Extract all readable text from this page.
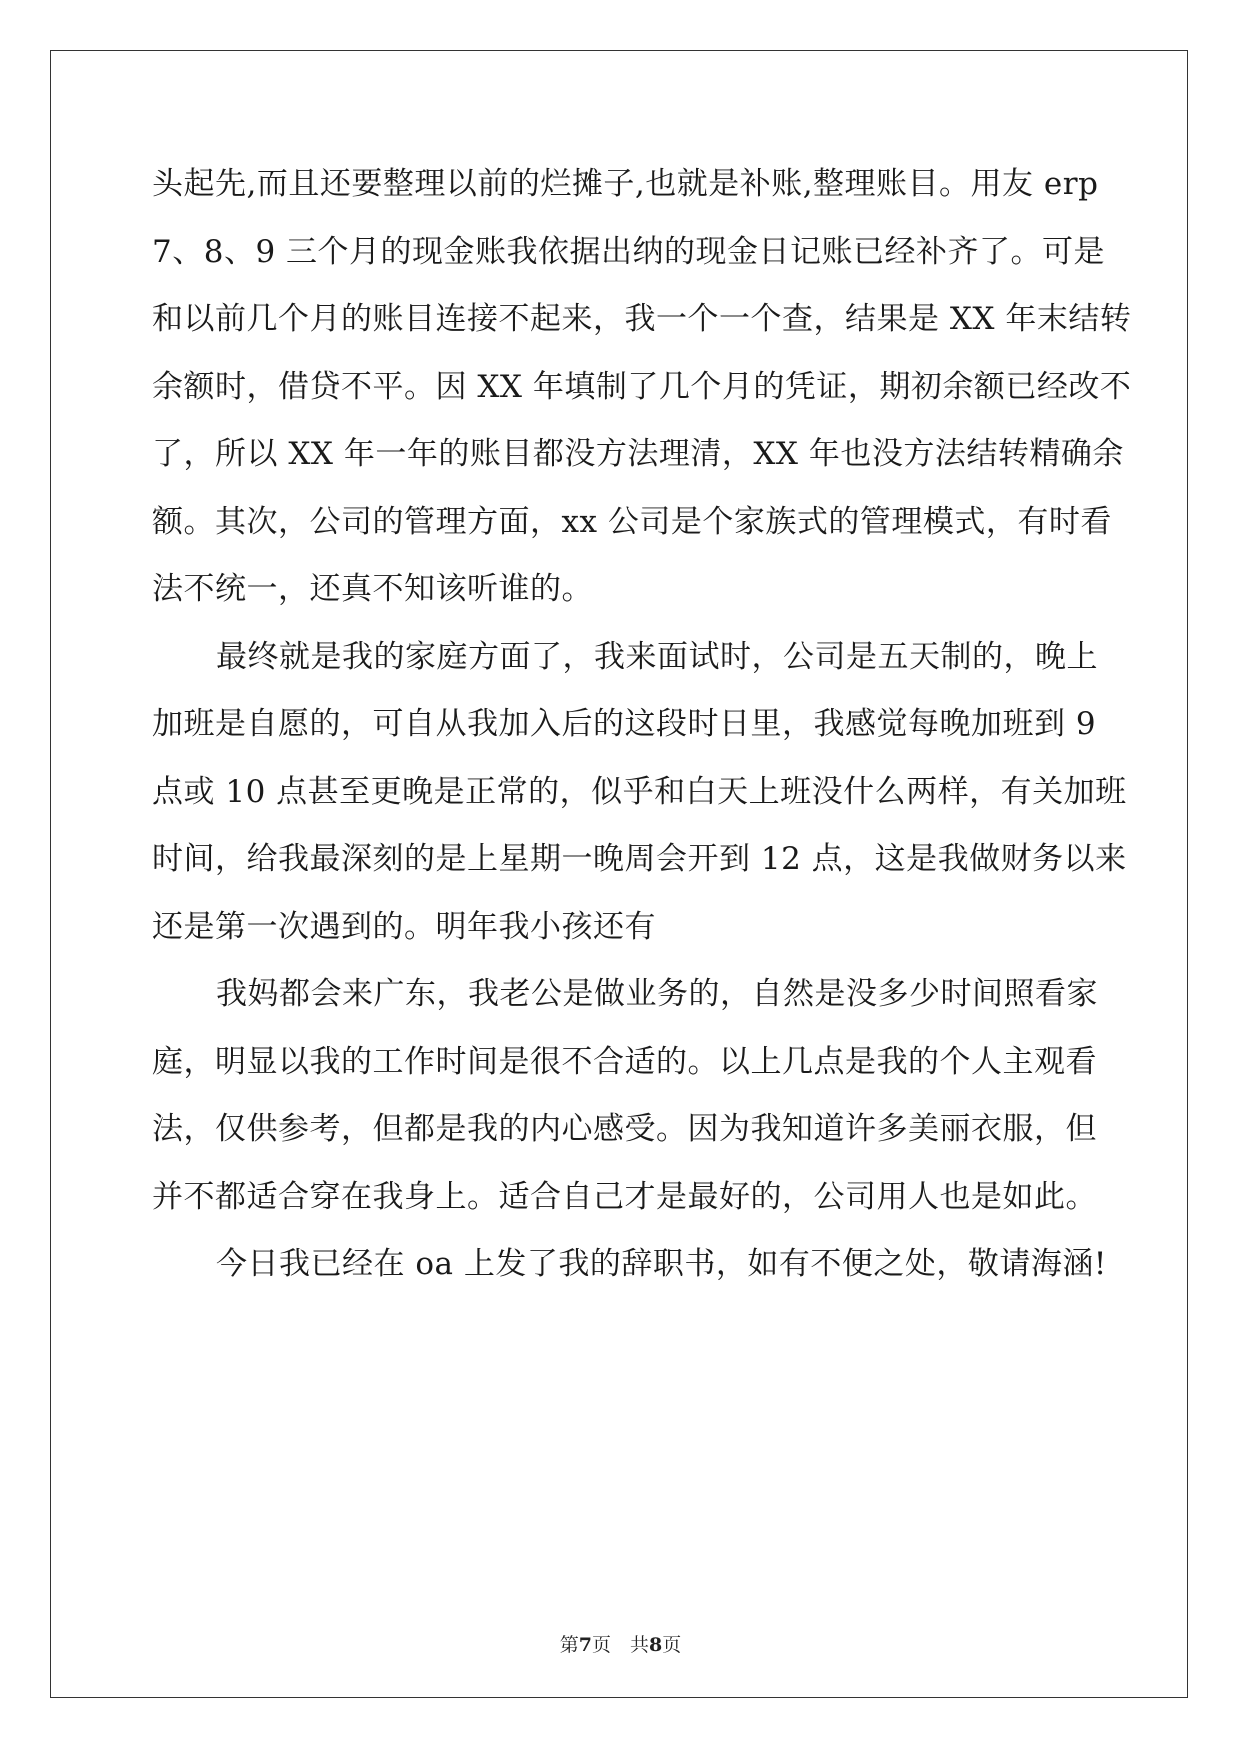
头起先,而且还要整理以前的烂摊子,也就是补账,整理账目。用友 erp
7、8、9 三个月的现金账我依据出纳的现金日记账已经补齐了。可是
和以前几个月的账目连接不起来，我一个一个查，结果是 XX 年末结转
余额时，借贷不平。因 XX 年填制了几个月的凭证，期初余额已经改不
了，所以 XX 年一年的账目都没方法理清，XX 年也没方法结转精确余
额。其次，公司的管理方面，xx 公司是个家族式的管理模式，有时看
法不统一，还真不知该听谁的。
最终就是我的家庭方面了，我来面试时，公司是五天制的，晚上
加班是自愿的，可自从我加入后的这段时日里，我感觉每晚加班到 9
点或 10 点甚至更晚是正常的，似乎和白天上班没什么两样，有关加班
时间，给我最深刻的是上星期一晚周会开到 12 点，这是我做财务以来
还是第一次遇到的。明年我小孩还有
我妈都会来广东，我老公是做业务的，自然是没多少时间照看家
庭，明显以我的工作时间是很不合适的。以上几点是我的个人主观看
法，仅供参考，但都是我的内心感受。因为我知道许多美丽衣服，但
并不都适合穿在我身上。适合自己才是最好的，公司用人也是如此。
今日我已经在 oa 上发了我的辞职书，如有不便之处，敬请海涵!
第7页　共8页
